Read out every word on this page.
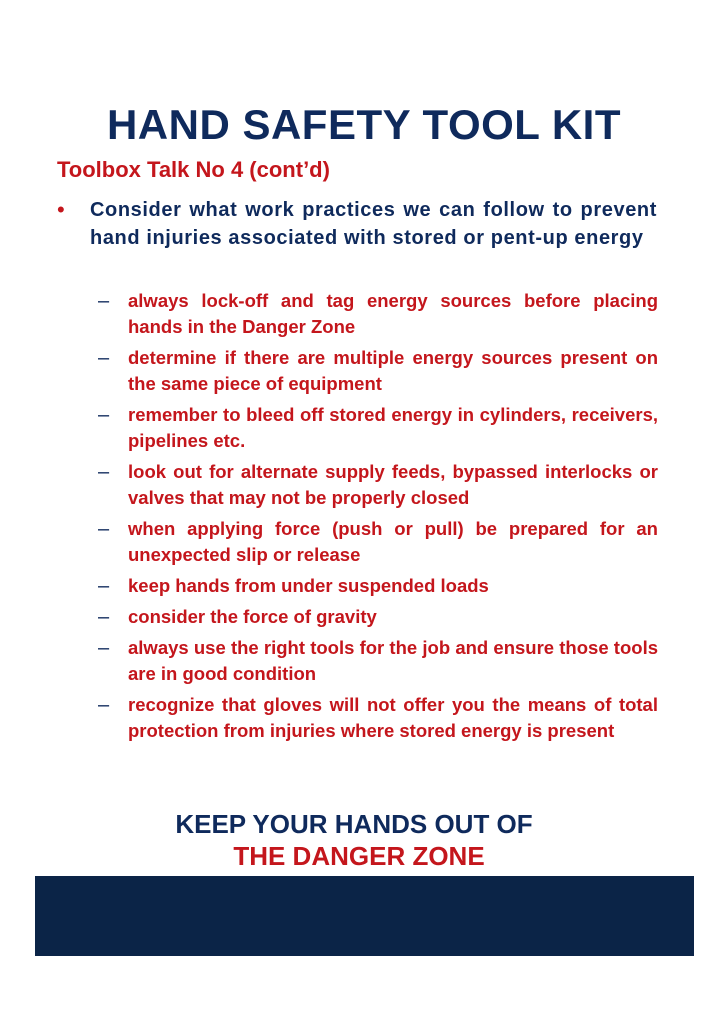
HAND SAFETY TOOL KIT
Toolbox Talk No 4 (cont’d)
• Consider what work practices we can follow to prevent hand injuries associated with stored or pent-up energy
– always lock-off and tag energy sources before placing hands in the Danger Zone
– determine if there are multiple energy sources present on the same piece of equipment
– remember to bleed off stored energy in cylinders, receivers, pipelines etc.
– look out for alternate supply feeds, bypassed interlocks or valves that may not be properly closed
– when applying force (push or pull) be prepared for an unexpected slip or release
– keep hands from under suspended loads
– consider the force of gravity
– always use the right tools for the job and ensure those tools are in good condition
– recognize that gloves will not offer you the means of total protection from injuries where stored energy is present
KEEP YOUR HANDS OUT OF
THE DANGER ZONE
